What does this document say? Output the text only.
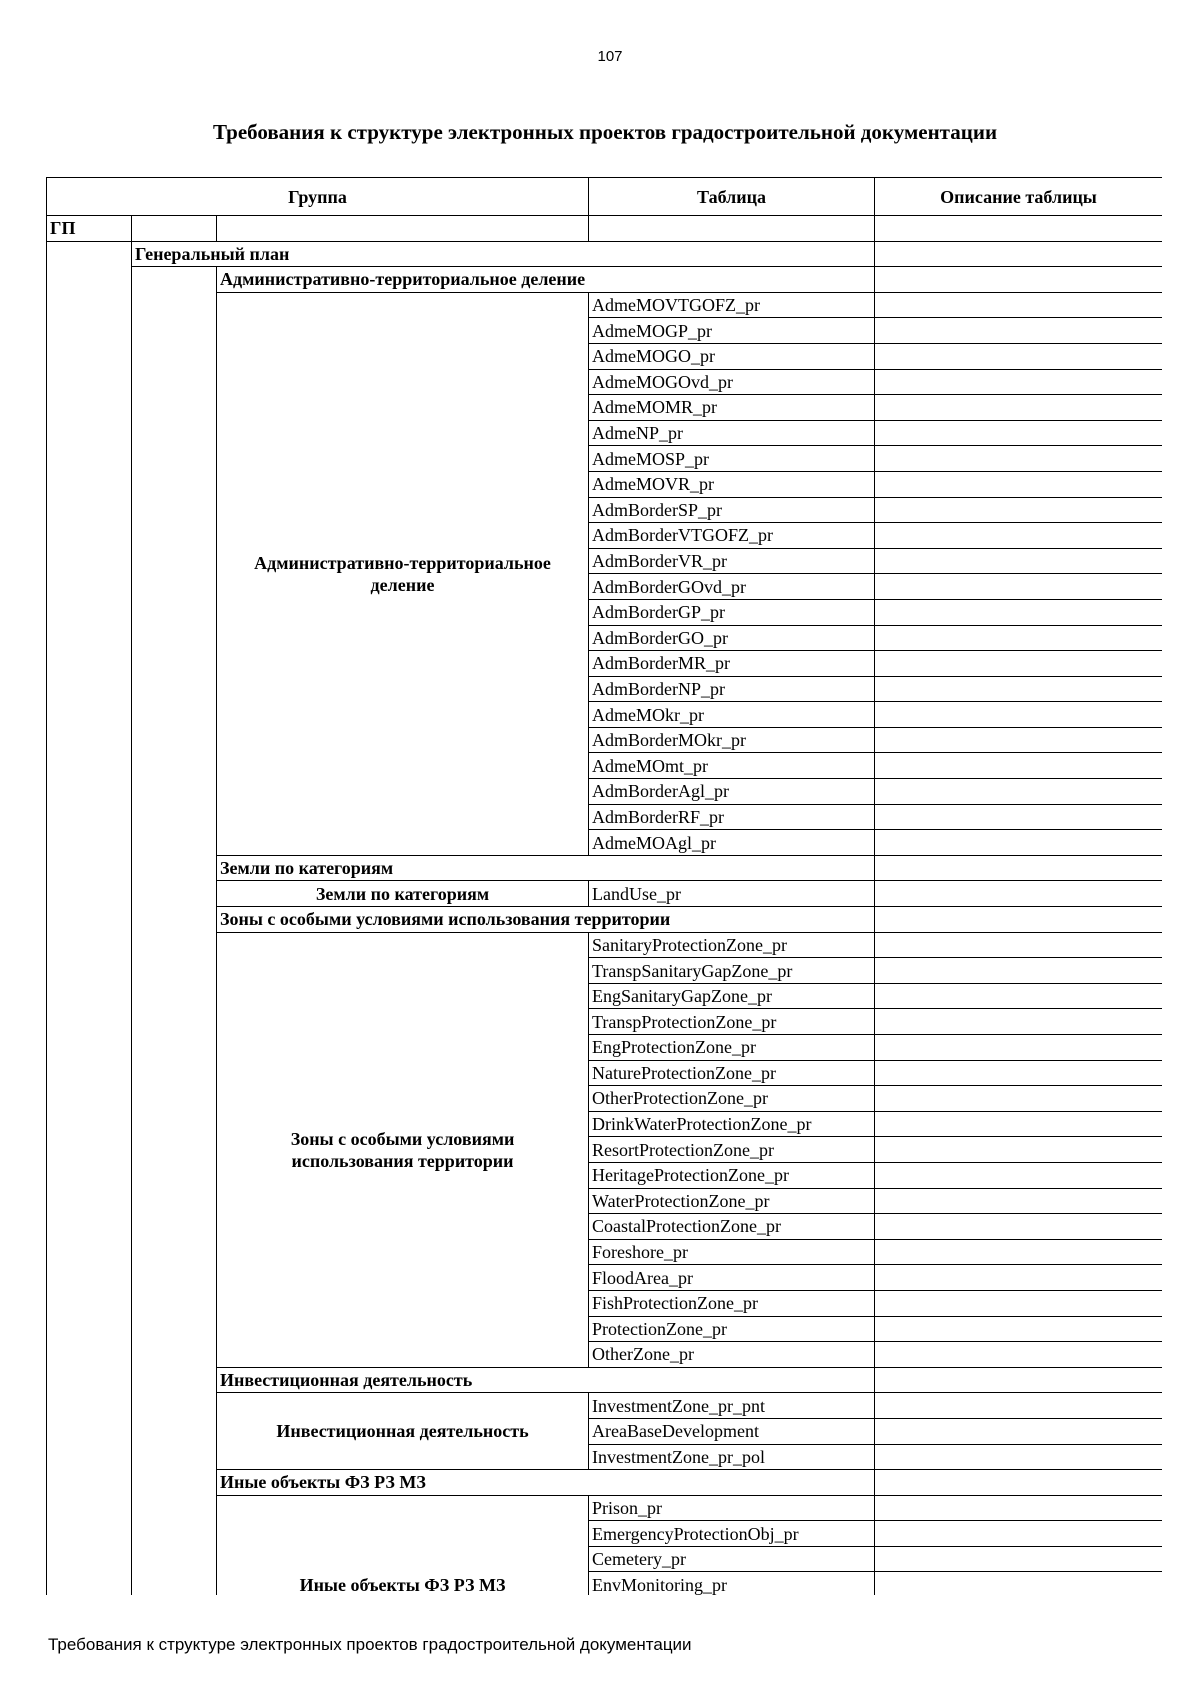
107
Требования к структуре электронных проектов градостроительной документации
Группа			Таблица	Описание таблицы
ГП				
	Генеральный план			
		Административно-территориальное деление		
		Административно-территориальное деление	AdmeMOVTGOFZ_pr	
			AdmeMOGP_pr	
			AdmeMOGO_pr	
			AdmeMOGOvd_pr	
			AdmeMOMR_pr	
			AdmeNP_pr	
			AdmeMOSP_pr	
			AdmeMOVR_pr	
			AdmBorderSP_pr	
			AdmBorderVTGOFZ_pr	
			AdmBorderVR_pr	
			AdmBorderGOvd_pr	
			AdmBorderGP_pr	
			AdmBorderGO_pr	
			AdmBorderMR_pr	
			AdmBorderNP_pr	
			AdmeMOkr_pr	
			AdmBorderMOkr_pr	
			AdmeMOmt_pr	
			AdmBorderAgl_pr	
			AdmBorderRF_pr	
			AdmeMOAgl_pr	
		Земли по категориям		
		Земли по категориям	LandUse_pr	
		Зоны с особыми условиями использования территории		
		Зоны с особыми условиями использования территории	SanitaryProtectionZone_pr	
			TranspSanitaryGapZone_pr	
			EngSanitaryGapZone_pr	
			TranspProtectionZone_pr	
			EngProtectionZone_pr	
			NatureProtectionZone_pr	
			OtherProtectionZone_pr	
			DrinkWaterProtectionZone_pr	
			ResortProtectionZone_pr	
			HeritageProtectionZone_pr	
			WaterProtectionZone_pr	
			CoastalProtectionZone_pr	
			Foreshore_pr	
			FloodArea_pr	
			FishProtectionZone_pr	
			ProtectionZone_pr	
			OtherZone_pr	
		Инвестиционная деятельность		
		Инвестиционная деятельность	InvestmentZone_pr_pnt	
			AreaBaseDevelopment	
			InvestmentZone_pr_pol	
		Иные объекты ФЗ РЗ МЗ		
		Иные объекты ФЗ РЗ МЗ	Prison_pr	
			EmergencyProtectionObj_pr	
			Cemetery_pr	
			EnvMonitoring_pr	

Требования к структуре электронных проектов градостроительной документации
